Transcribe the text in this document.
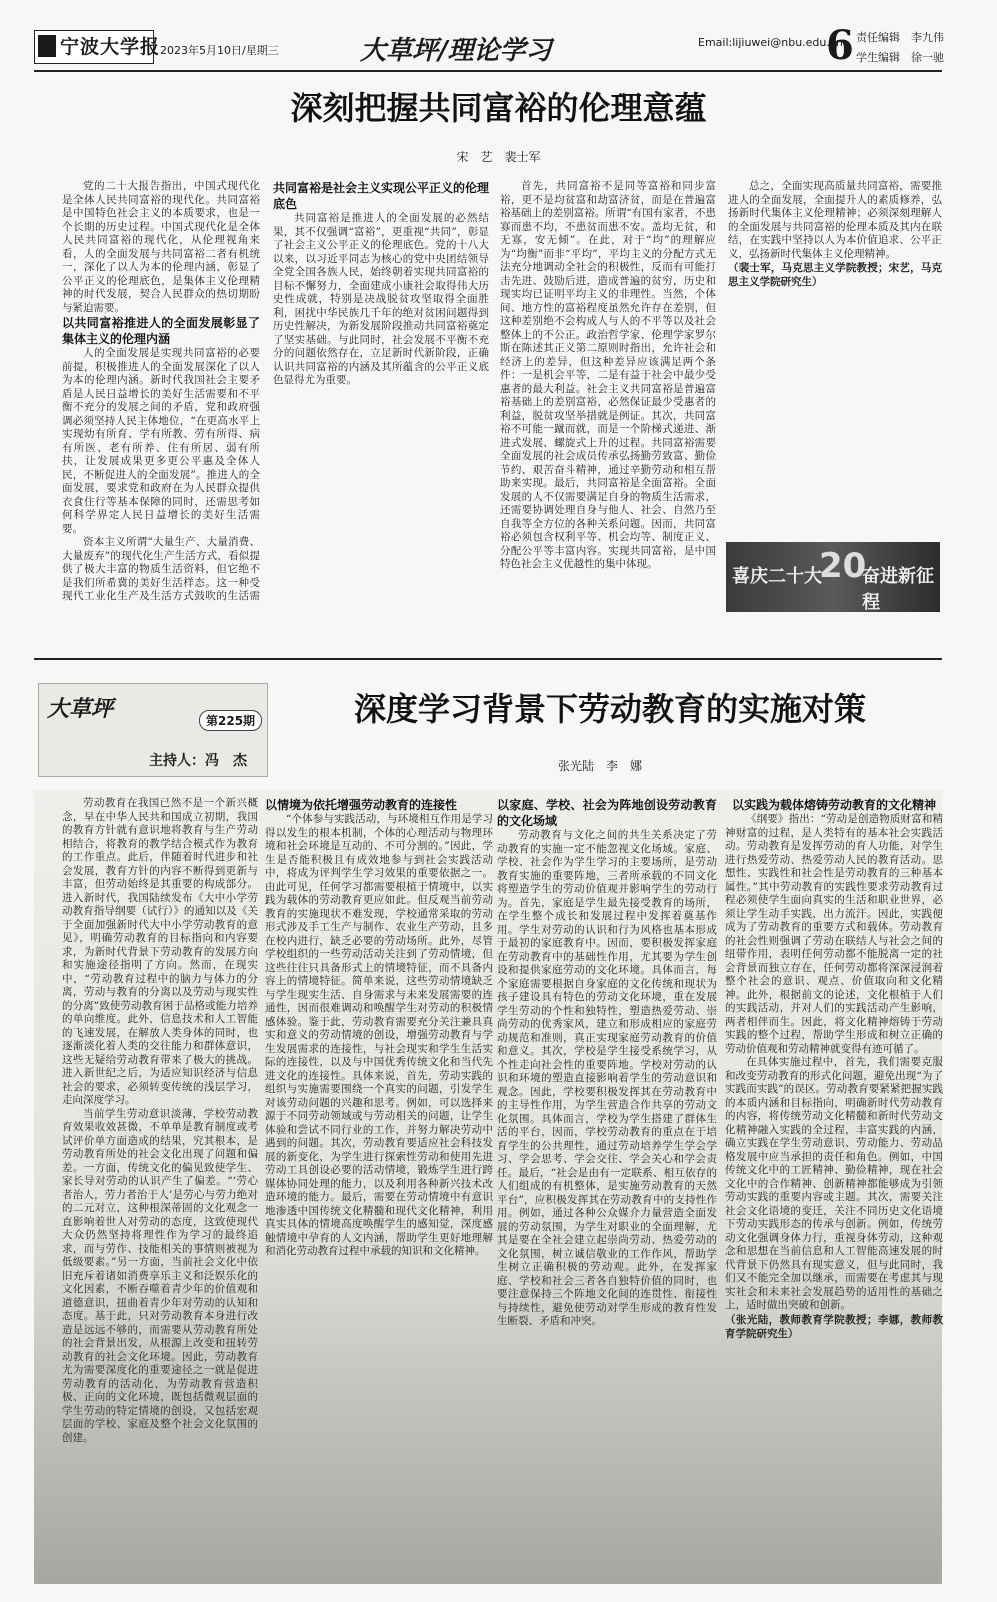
宁波大学报 2023年5月10日/星期三	大草坪/理论学习	Email:lijiuwei@nbu.edu.cn
6 责任编辑　李九伟
学生编辑　徐一驰
深刻把握共同富裕的伦理意蕴
宋　艺　裴士军

党的二十大报告指出，中国式现代化是全体人民共同富裕的现代化。共同富裕是中国特色社会主义的本质要求，也是一个长期的历史过程。中国式现代化是全体人民共同富裕的现代化，从伦理视角来看，人的全面发展与共同富裕二者有机统一，深化了以人为本的伦理内涵，彰显了公平正义的伦理底色，是集体主义伦理精神的时代发展，契合人民群众的热切期盼与紧迫需要。

以共同富裕推进人的全面发展彰显了集体主义的伦理内涵

人的全面发展是实现共同富裕的必要前提，积极推进人的全面发展深化了以人为本的伦理内涵。新时代我国社会主要矛盾是人民日益增长的美好生活需要和不平衡不充分的发展之间的矛盾，党和政府强调必须坚持人民主体地位，“在更高水平上实现幼有所育、学有所教、劳有所得、病有所医、老有所养、住有所居、弱有所扶，让发展成果更多更公平惠及全体人民，不断促进人的全面发展”。推进人的全面发展，要求党和政府在为人民群众提供衣食住行等基本保障的同时，还需思考如何科学界定人民日益增长的美好生活需要。

资本主义所谓“大量生产、大量消费、大量废弃”的现代化生产生活方式，看似提供了极大丰富的物质生活资料，但它绝不是我们所希冀的美好生活样态。这一种受现代工业化生产及生活方式鼓吹的生活需

共同富裕是社会主义实现公平正义的伦理底色

共同富裕是推进人的全面发展的必然结果，其不仅强调“富裕”，更重视“共同”，彰显了社会主义公平正义的伦理底色。党的十八大以来，以习近平同志为核心的党中央团结领导全党全国各族人民，始终朝着实现共同富裕的目标不懈努力，全面建成小康社会取得伟大历史性成就，特别是决战脱贫攻坚取得全面胜利，困扰中华民族几千年的绝对贫困问题得到历史性解决，为新发展阶段推动共同富裕奠定了坚实基础。与此同时，社会发展不平衡不充分的问题依然存在，立足新时代新阶段，正确认识共同富裕的内涵及其所蕴含的公平正义底色显得尤为重要。

首先，共同富裕不是同等富裕和同步富裕，更不是均贫富和劫富济贫，而是在普遍富裕基础上的差别富裕。所谓“有国有家者，不患寡而患不均，不患贫而患不安。盖均无贫，和无寡，安无倾”。在此，对于“均”的理解应为“均衡”而非“平均”，平均主义的分配方式无法充分地调动全社会的积极性，反而有可能打击先进、鼓励后进，造成普遍的贫穷，历史和现实均已证明平均主义的非理性。当然，个体间、地方性的富裕程度虽然允许存在差别，但这种差别绝不会构成人与人的不平等以及社会整体上的不公正。政治哲学家、伦理学家罗尔斯在陈述其正义第二原则时指出，允许社会和经济上的差异，但这种差异应该满足两个条件：一是机会平等，二是有益于社会中最少受惠者的最大利益。社会主义共同富裕是普遍富裕基础上的差别富裕，必然保证最少受惠者的利益，脱贫攻坚举措就是例证。其次，共同富裕不可能一蹴而就，而是一个阶梯式递进、渐进式发展、螺旋式上升的过程。共同富裕需要全面发展的社会成员传承弘扬勤劳致富、勤俭节约、艰苦奋斗精神，通过辛勤劳动和相互帮助来实现。最后，共同富裕是全面富裕。全面发展的人不仅需要满足自身的物质生活需求，还需要协调处理自身与他人、社会、自然乃至自我等全方位的各种关系问题。因而，共同富裕必须包含权利平等、机会均等、制度正义、分配公平等丰富内容。实现共同富裕，是中国特色社会主义优越性的集中体现。

总之，全面实现高质量共同富裕，需要推进人的全面发展，全面提升人的素质修养，弘扬新时代集体主义伦理精神；必须深刻理解人的全面发展与共同富裕的伦理本质及其内在联结，在实践中坚持以人为本价值追求、公平正义，弘扬新时代集体主义伦理精神。

（裴士军，马克思主义学院教授；宋艺，马克思主义学院研究生）

喜庆二十大
20
奋进新征程
大草坪	第225期
主持人：冯　杰
深度学习背景下劳动教育的实施对策
张光陆　李　娜

劳动教育在我国已然不是一个新兴概念，早在中华人民共和国成立初期，我国的教育方针就有意识地将教育与生产劳动相结合，将教育的教学结合模式作为教育的工作重点。此后，伴随着时代进步和社会发展，教育方针的内容不断得到更新与丰富，但劳动始终是其重要的构成部分。进入新时代，我国陆续发布《大中小学劳动教育指导纲要（试行）》的通知以及《关于全面加强新时代大中小学劳动教育的意见》，明确劳动教育的目标指向和内容要求，为新时代背景下劳动教育的发展方向和实施途径指明了方向。然而，在现实中，“劳动教育过程中的脑力与体力的分离，劳动与教育的分离以及劳动与现实性的分离”致使劳动教育困于品格或能力培养的单向维度。此外，信息技术和人工智能的飞速发展，在解放人类身体的同时，也逐渐淡化着人类的交往能力和群体意识，这些无疑给劳动教育带来了极大的挑战。进入新世纪之后，为适应知识经济与信息社会的要求，必须转变传统的浅层学习，走向深度学习。

当前学生劳动意识淡薄，学校劳动教育效果收效甚微，不单单是教育制度或考试评价单方面造成的结果，究其根本，是劳动教育所处的社会文化出现了问题和偏差。一方面，传统文化的偏见致使学生、家长导对劳动的认识产生了偏差。“‘劳心者治人，劳力者治于人’是劳心与劳力绝对的二元对立，这种根深蒂固的文化观念一直影响着世人对劳动的态度，这致使现代大众仍然坚持将理性作为学习的最终追求，而与劳作、技能相关的事情则被视为低级要素。”另一方面，当前社会文化中依旧充斥着诸如消费享乐主义和泛娱乐化的文化因素，不断吞噬着青少年的价值观和道德意识，扭曲着青少年对劳动的认知和态度。基于此，只对劳动教育本身进行改造是远远不够的，而需要从劳动教育所处的社会背景出发，从根源上改变和扭转劳动教育的社会文化环境。因此，劳动教育尤为需要深度化的重要途径之一就是促进劳动教育的活动化，为劳动教育营造积极、正向的文化环境，既包括微观层面的学生劳动的特定情境的创设，又包括宏观层面的学校、家庭及整个社会文化氛围的创建。

以情境为依托增强劳动教育的连接性

“个体参与实践活动，与环境相互作用是学习得以发生的根本机制，个体的心理活动与物理环境和社会环境是互动的、不可分割的。”因此，学生是否能积极且有成效地参与到社会实践活动中，将成为评判学生学习效果的重要依据之一。由此可见，任何学习都需要根植于情境中，以实践为载体的劳动教育更应如此。但反观当前劳动教育的实施现状不难发现，学校通常采取的劳动形式涉及手工生产与制作、农业生产劳动，且多在校内进行，缺乏必要的劳动场所。此外，尽管学校组织的一些劳动活动关注到了劳动情境，但这些往往只具备形式上的情境特征，而不具备内容上的情境特征。简单来说，这些劳动情境缺乏与学生现实生活、自身需求与未来发展需要的连通性，因而很难调动和唤醒学生对劳动的积极情感体验。鉴于此，劳动教育需要充分关注兼具真实和意义的劳动情境的创设，增强劳动教育与学生发展需求的连接性，与社会现实和学生生活实际的连接性，以及与中国优秀传统文化和当代先进文化的连接性。具体来说，首先，劳动实践的组织与实施需要围绕一个真实的问题，引发学生对该劳动问题的兴趣和思考。例如，可以选择来源于不同劳动领域或与劳动相关的问题，让学生体验和尝试不同行业的工作，并努力解决劳动中遇到的问题。其次，劳动教育要适应社会科技发展的新变化，为学生进行探索性劳动和使用先进劳动工具创设必要的活动情境，锻炼学生进行跨媒体协同处理的能力，以及利用各种新兴技术改造环境的能力。最后，需要在劳动情境中有意识地渗透中国传统文化精髓和现代文化精神，利用真实具体的情境高度唤醒学生的感知觉，深度感触情境中孕育的人文内涵，帮助学生更好地理解和消化劳动教育过程中承载的知识和文化精神。

以家庭、学校、社会为阵地创设劳动教育的文化场域

劳动教育与文化之间的共生关系决定了劳动教育的实施一定不能忽视文化场域。家庭、学校、社会作为学生学习的主要场所，是劳动教育实施的重要阵地，三者所承载的不同文化将塑造学生的劳动价值观并影响学生的劳动行为。首先，家庭是学生最先接受教育的场所，在学生整个成长和发展过程中发挥着奠基作用。学生对劳动的认识和行为风格也基本形成于最初的家庭教育中。因而，要积极发挥家庭在劳动教育中的基础性作用，尤其要为学生创设和提供家庭劳动的文化环境。具体而言，每个家庭需要根据自身家庭的文化传统和现状为孩子建设具有特色的劳动文化环境，重在发展学生劳动的个性和独特性，塑造热爱劳动、崇尚劳动的优秀家风，建立和形成相应的家庭劳动规范和准则，真正实现家庭劳动教育的价值和意义。其次，学校是学生接受系统学习，从个性走向社会性的重要阵地。学校对劳动的认识和环境的塑造直接影响着学生的劳动意识和观念。因此，学校要积极发挥其在劳动教育中的主导性作用，为学生营造合作共享的劳动文化氛围。具体而言，学校为学生搭建了群体生活的平台，因而，学校劳动教育的重点在于培育学生的公共理性，通过劳动培养学生学会学习、学会思考、学会交往、学会关心和学会责任。最后，“社会是由有一定联系、相互依存的人们组成的有机整体，是实施劳动教育的天然平台”，应积极发挥其在劳动教育中的支持性作用。例如，通过各种公众媒介力量营造全面发展的劳动氛围，为学生对职业的全面理解，尤其是要在全社会建立起崇尚劳动、热爱劳动的文化氛围，树立诚信敬业的工作作风，帮助学生树立正确积极的劳动观。此外，在发挥家庭、学校和社会三者各自独特价值的同时，也要注意保持三个阵地文化间的连贯性、衔接性与持续性，避免使劳动对学生形成的教育性发生断裂、矛盾和冲突。

以实践为载体熔铸劳动教育的文化精神

《纲要》指出：“劳动是创造物质财富和精神财富的过程，是人类特有的基本社会实践活动。劳动教育是发挥劳动的育人功能，对学生进行热爱劳动、热爱劳动人民的教育活动。思想性、实践性和社会性是劳动教育的三种基本属性。”其中劳动教育的实践性要求劳动教育过程必须使学生面向真实的生活和职业世界，必须让学生动手实践，出力流汗。因此，实践便成为了劳动教育的重要方式和载体。劳动教育的社会性则强调了劳动在联结人与社会之间的纽带作用，表明任何劳动都不能脱离一定的社会背景而独立存在，任何劳动都将深深浸润着整个社会的意识、观点、价值取向和文化精神。此外，根据前文的论述，文化根植于人们的实践活动，并对人们的实践活动产生影响，两者相伴而生。因此，将文化精神熔铸于劳动实践的整个过程，帮助学生形成和树立正确的劳动价值观和劳动精神就变得有迹可循了。

在具体实施过程中，首先，我们需要克服和改变劳动教育的形式化问题，避免出现“为了实践而实践”的误区。劳动教育要紧紧把握实践的本质内涵和目标指向，明确新时代劳动教育的内容，将传统劳动文化精髓和新时代劳动文化精神融入实践的全过程，丰富实践的内涵，确立实践在学生劳动意识、劳动能力、劳动品格发展中应当承担的责任和角色。例如，中国传统文化中的工匠精神、勤俭精神，现在社会文化中的合作精神、创新精神都能够成为引领劳动实践的重要内容或主题。其次，需要关注社会文化语境的变迁，关注不同历史文化语境下劳动实践形态的传承与创新。例如，传统劳动文化强调身体力行，重视身体劳动，这种观念和思想在当前信息和人工智能高速发展的时代背景下仍然具有现实意义，但与此同时，我们又不能完全加以继承，而需要在考虑其与现实社会和未来社会发展趋势的适用性的基础之上，适时做出突破和创新。

（张光陆，教师教育学院教授；李娜，教师教育学院研究生）
